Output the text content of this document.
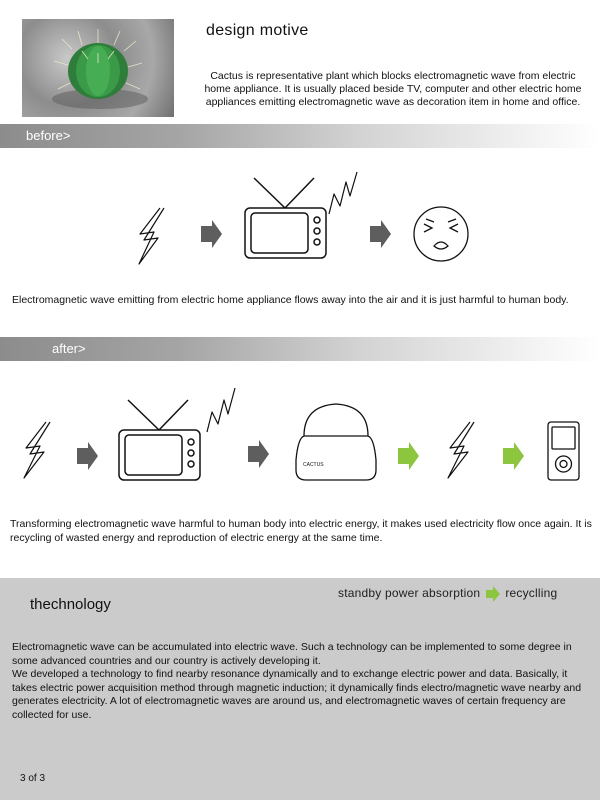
design motive
Cactus is representative plant which blocks electromagnetic wave from electric home appliance. It is usually placed beside TV, computer and other electric home appliances emitting electromagnetic wave as decoration item in home and office.
before>
Electromagnetic wave emitting from electric home appliance flows away into the air and it is just harmful to human body.
after>
CACTUS
Transforming electromagnetic wave harmful to human body into electric energy, it makes used electricity flow once again. It is recycling of wasted energy and reproduction of electric energy at the same time.
thechnology
standby power absorption recyclling

Electromagnetic wave can be accumulated into electric wave. Such a technology can be implemented to some degree in some advanced countries and our country is actively developing it.

We developed a technology to find nearby resonance dynamically and to exchange electric power and data. Basically, it takes electric power acquisition method through magnetic induction; it dynamically finds electro/magnetic wave nearby and generates electricity. A lot of electromagnetic waves are around us, and electromagnetic waves of certain frequency are collected for use.

3 of 3
